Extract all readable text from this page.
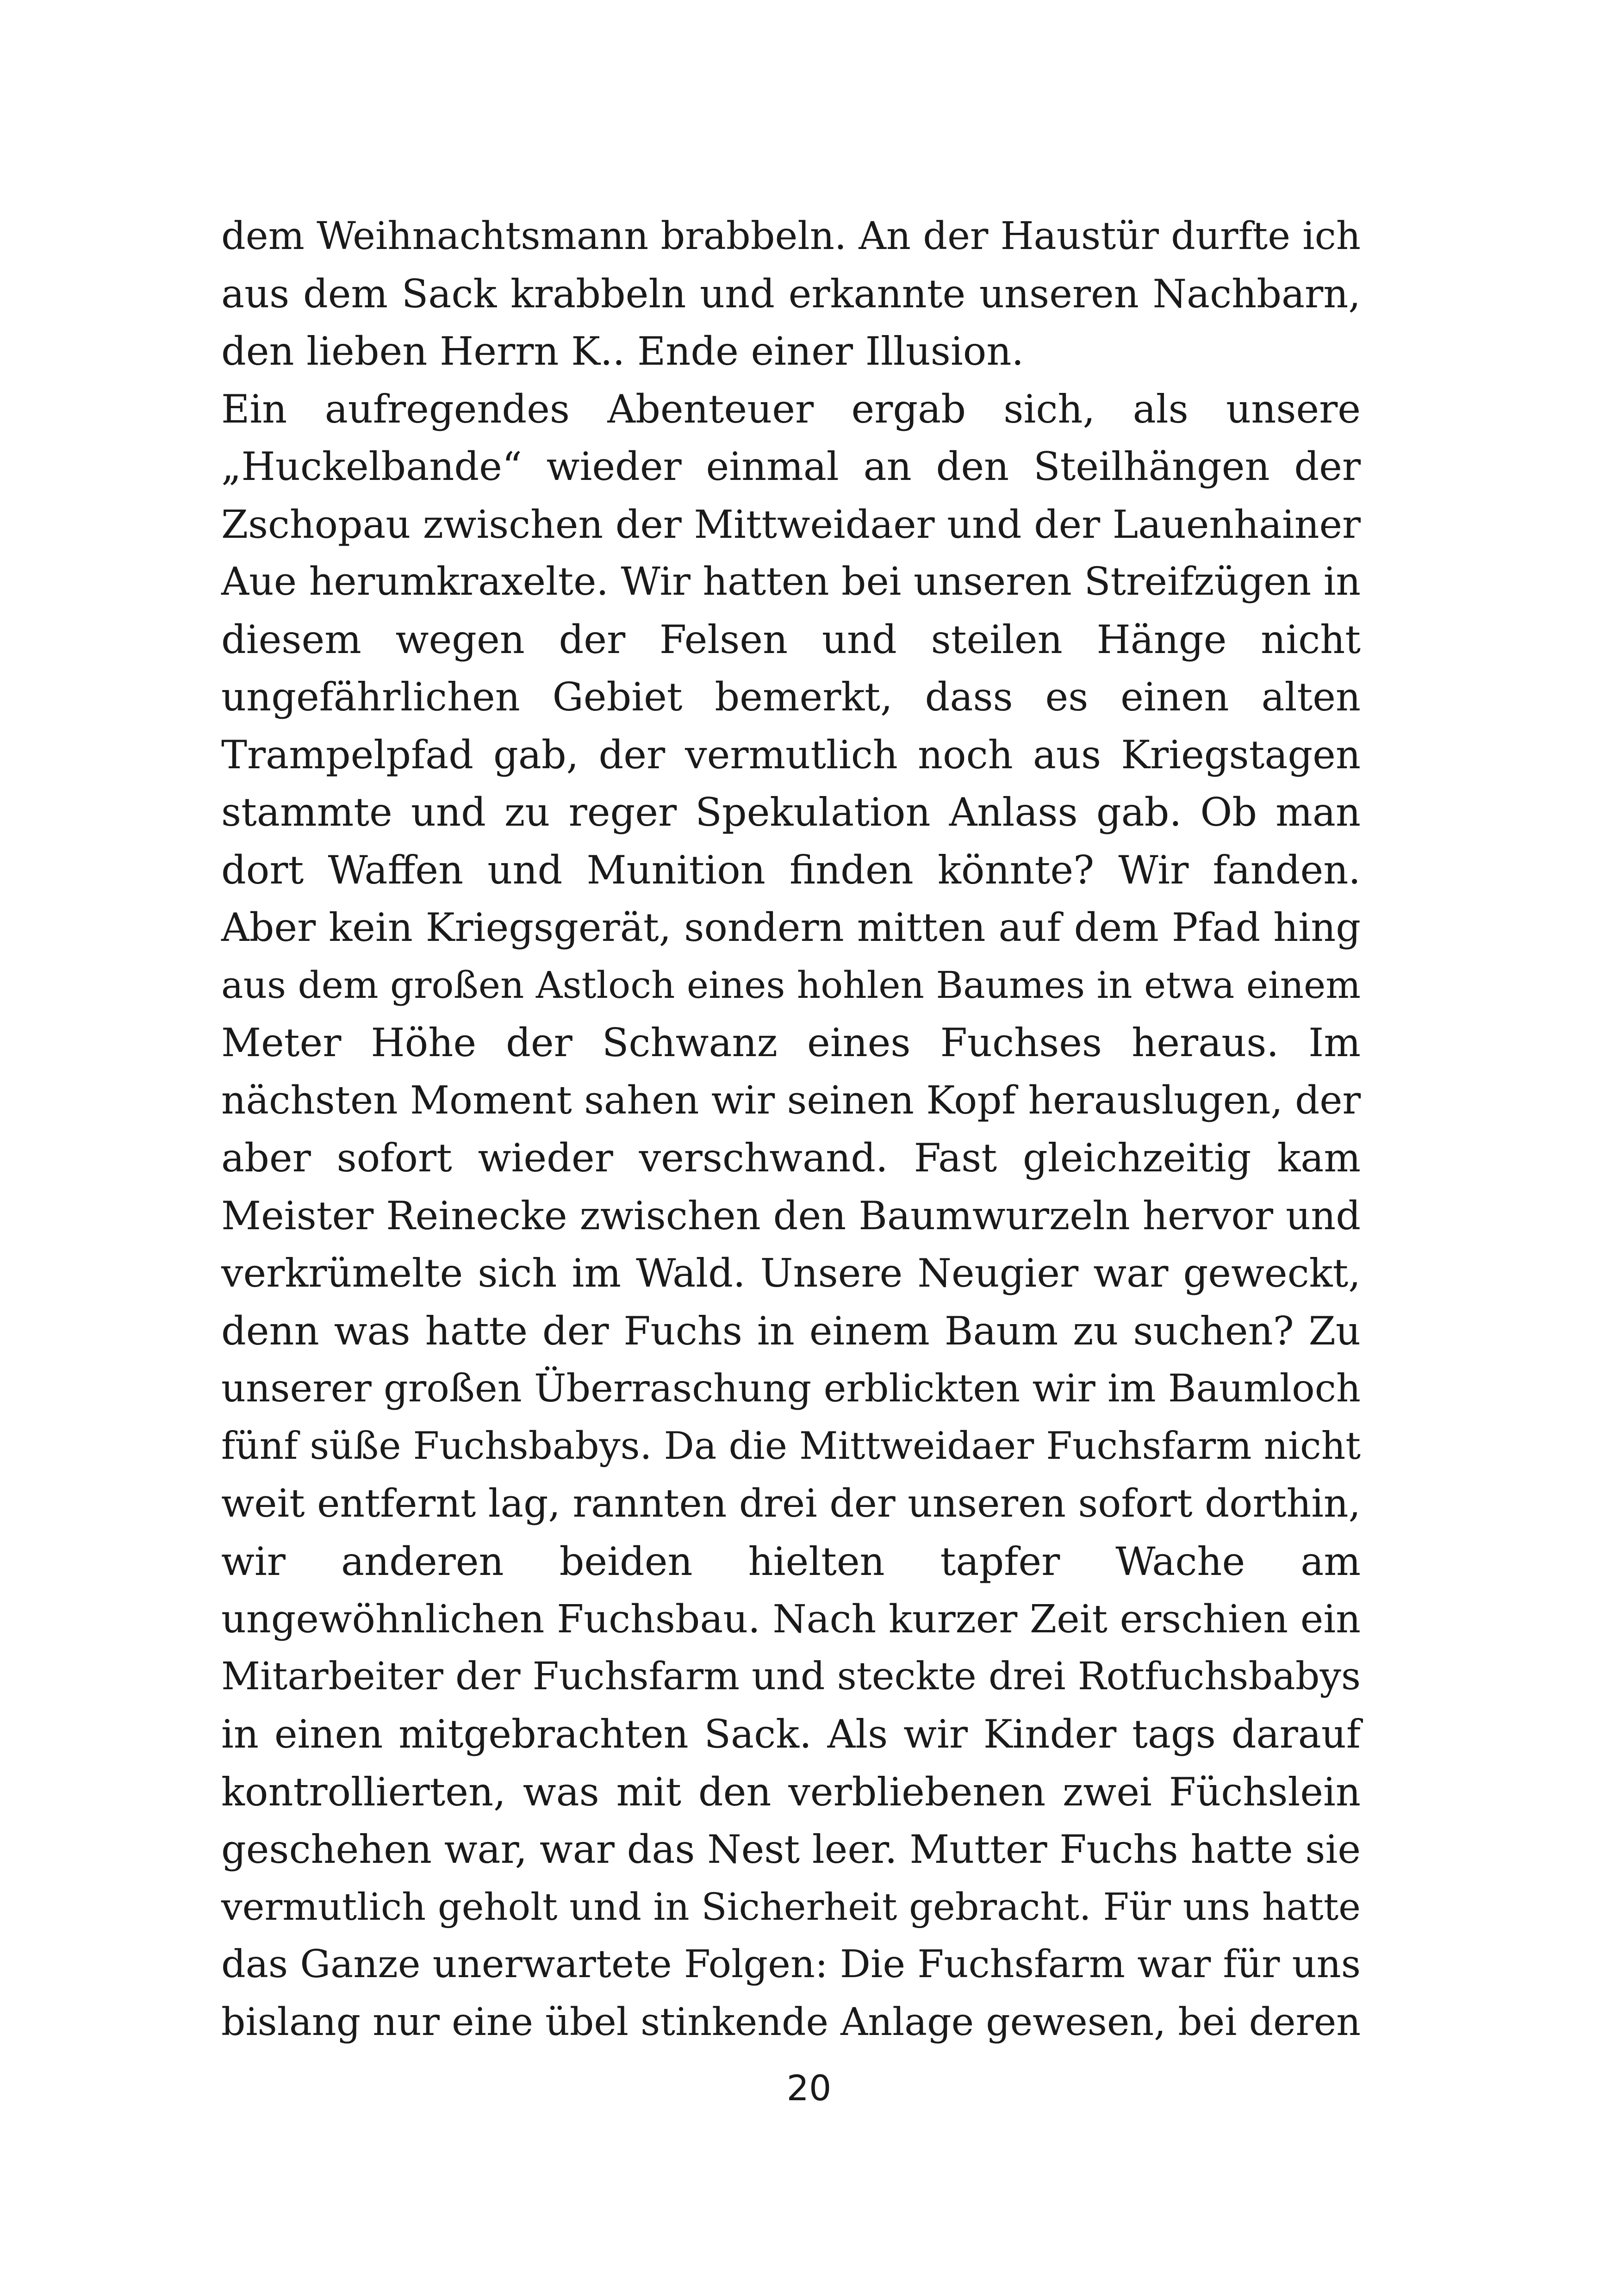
dem Weihnachtsmann brabbeln. An der Haustür durfte ich
aus dem Sack krabbeln und erkannte unseren Nachbarn,
den lieben Herrn K.. Ende einer Illusion.
Ein aufregendes Abenteuer ergab sich, als unsere
„Huckelbande“ wieder einmal an den Steilhängen der
Zschopau zwischen der Mittweidaer und der Lauenhainer
Aue herumkraxelte. Wir hatten bei unseren Streifzügen in
diesem wegen der Felsen und steilen Hänge nicht
ungefährlichen Gebiet bemerkt, dass es einen alten
Trampelpfad gab, der vermutlich noch aus Kriegstagen
stammte und zu reger Spekulation Anlass gab. Ob man
dort Waffen und Munition finden könnte? Wir fanden.
Aber kein Kriegsgerät, sondern mitten auf dem Pfad hing
aus dem großen Astloch eines hohlen Baumes in etwa einem
Meter Höhe der Schwanz eines Fuchses heraus. Im
nächsten Moment sahen wir seinen Kopf herauslugen, der
aber sofort wieder verschwand. Fast gleichzeitig kam
Meister Reinecke zwischen den Baumwurzeln hervor und
verkrümelte sich im Wald. Unsere Neugier war geweckt,
denn was hatte der Fuchs in einem Baum zu suchen? Zu
unserer großen Überraschung erblickten wir im Baumloch
fünf süße Fuchsbabys. Da die Mittweidaer Fuchsfarm nicht
weit entfernt lag, rannten drei der unseren sofort dorthin,
wir anderen beiden hielten tapfer Wache am
ungewöhnlichen Fuchsbau. Nach kurzer Zeit erschien ein
Mitarbeiter der Fuchsfarm und steckte drei Rotfuchsbabys
in einen mitgebrachten Sack. Als wir Kinder tags darauf
kontrollierten, was mit den verbliebenen zwei Füchslein
geschehen war, war das Nest leer. Mutter Fuchs hatte sie
vermutlich geholt und in Sicherheit gebracht. Für uns hatte
das Ganze unerwartete Folgen: Die Fuchsfarm war für uns
bislang nur eine übel stinkende Anlage gewesen, bei deren
20
